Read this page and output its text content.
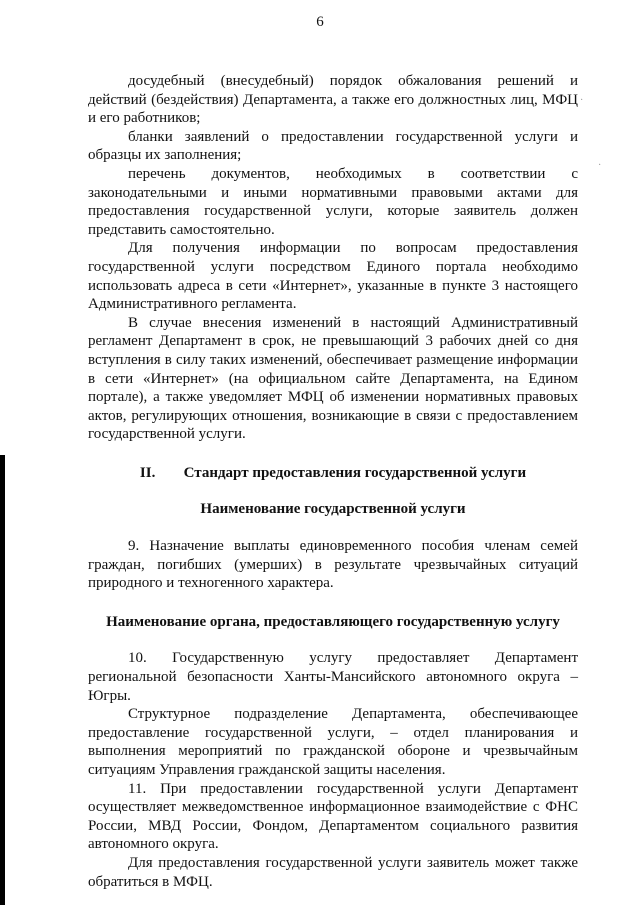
6
·
·

досудебный (внесудебный) порядок обжалования решений и действий (бездействия) Департамента, а также его должностных лиц, МФЦ и его работников;

бланки заявлений о предоставлении государственной услуги и образцы их заполнения;

перечень документов, необходимых в соответствии с законодательными и иными нормативными правовыми актами для предоставления государственной услуги, которые заявитель должен представить самостоятельно.

Для получения информации по вопросам предоставления государственной услуги посредством Единого портала необходимо использовать адреса в сети «Интернет», указанные в пункте 3 настоящего Административного регламента.

В случае внесения изменений в настоящий Административный регламент Департамент в срок, не превышающий 3 рабочих дней со дня вступления в силу таких изменений, обеспечивает размещение информации в сети «Интернет» (на официальном сайте Департамента, на Едином портале), а также уведомляет МФЦ об изменении нормативных правовых актов, регулирующих отношения, возникающие в связи с предоставлением государственной услуги.

II. Стандарт предоставления государственной услуги
Наименование государственной услуги

9. Назначение выплаты единовременного пособия членам семей граждан, погибших (умерших) в результате чрезвычайных ситуаций природного и техногенного характера.

Наименование органа, предоставляющего государственную услугу

10. Государственную услугу предоставляет Департамент региональной безопасности Ханты-Мансийского автономного округа – Югры.

Структурное подразделение Департамента, обеспечивающее предоставление государственной услуги, – отдел планирования и выполнения мероприятий по гражданской обороне и чрезвычайным ситуациям Управления гражданской защиты населения.

11. При предоставлении государственной услуги Департамент осуществляет межведомственное информационное взаимодействие с ФНС России, МВД России, Фондом, Департаментом социального развития автономного округа.

Для предоставления государственной услуги заявитель может также обратиться в МФЦ.
